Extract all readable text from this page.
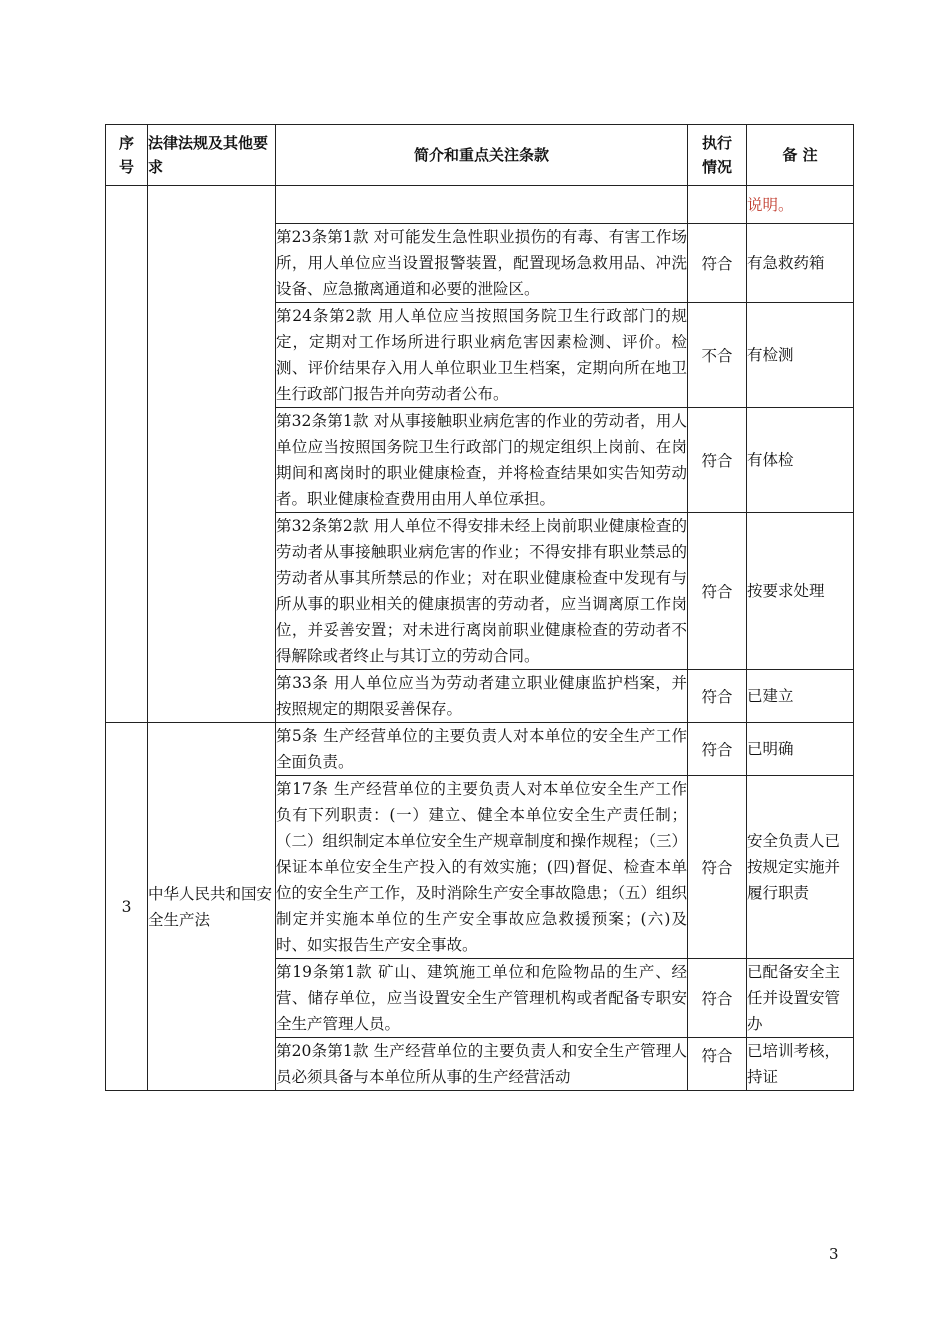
序号	法律法规及其他要求	简介和重点关注条款	执行情况	备 注
				说明。
		第23条第1款 对可能发生急性职业损伤的有毒、有害工作场所，用人单位应当设置报警装置，配置现场急救用品、冲洗设备、应急撤离通道和必要的泄险区。	符合	有急救药箱
		第24条第2款 用人单位应当按照国务院卫生行政部门的规定，定期对工作场所进行职业病危害因素检测、评价。检测、评价结果存入用人单位职业卫生档案，定期向所在地卫生行政部门报告并向劳动者公布。	不合	有检测
		第32条第1款 对从事接触职业病危害的作业的劳动者，用人单位应当按照国务院卫生行政部门的规定组织上岗前、在岗期间和离岗时的职业健康检查，并将检查结果如实告知劳动者。职业健康检查费用由用人单位承担。	符合	有体检
		第32条第2款 用人单位不得安排未经上岗前职业健康检查的劳动者从事接触职业病危害的作业；不得安排有职业禁忌的劳动者从事其所禁忌的作业；对在职业健康检查中发现有与所从事的职业相关的健康损害的劳动者，应当调离原工作岗位，并妥善安置；对未进行离岗前职业健康检查的劳动者不得解除或者终止与其订立的劳动合同。	符合	按要求处理
		第33条 用人单位应当为劳动者建立职业健康监护档案，并按照规定的期限妥善保存。	符合	已建立
3	中华人民共和国安全生产法	第5条 生产经营单位的主要负责人对本单位的安全生产工作全面负责。	符合	已明确
		第17条 生产经营单位的主要负责人对本单位安全生产工作负有下列职责：(一）建立、健全本单位安全生产责任制；（二）组织制定本单位安全生产规章制度和操作规程；（三）保证本单位安全生产投入的有效实施；(四)督促、检查本单位的安全生产工作，及时消除生产安全事故隐患；（五）组织制定并实施本单位的生产安全事故应急救援预案；(六)及时、如实报告生产安全事故。	符合	安全负责人已按规定实施并履行职责
		第19条第1款 矿山、建筑施工单位和危险物品的生产、经营、储存单位，应当设置安全生产管理机构或者配备专职安全生产管理人员。	符合	已配备安全主任并设置安管办
		第20条第1款 生产经营单位的主要负责人和安全生产管理人员必须具备与本单位所从事的生产经营活动	符合	已培训考核，持证
3
